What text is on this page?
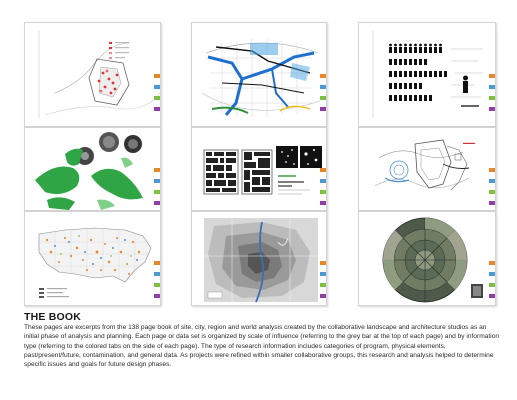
▬▬▬
THE BOOK

These pages are excerpts from the 138 page book of site, city, region and world analysis created by the collaborative landscape and architecture studios as an initial phase of analysis and planning. Each page or data set is organized by scale of influence (referring to the grey bar at the top of each page) and by information type (referring to the colored tabs on the side of each page). The type of research information includes categories of program, physical elements, past/present/future, contamination, and general data. As projects were refined within smaller collaborative groups, this research and analysis helped to determine specific issues and goals for future design phases.
